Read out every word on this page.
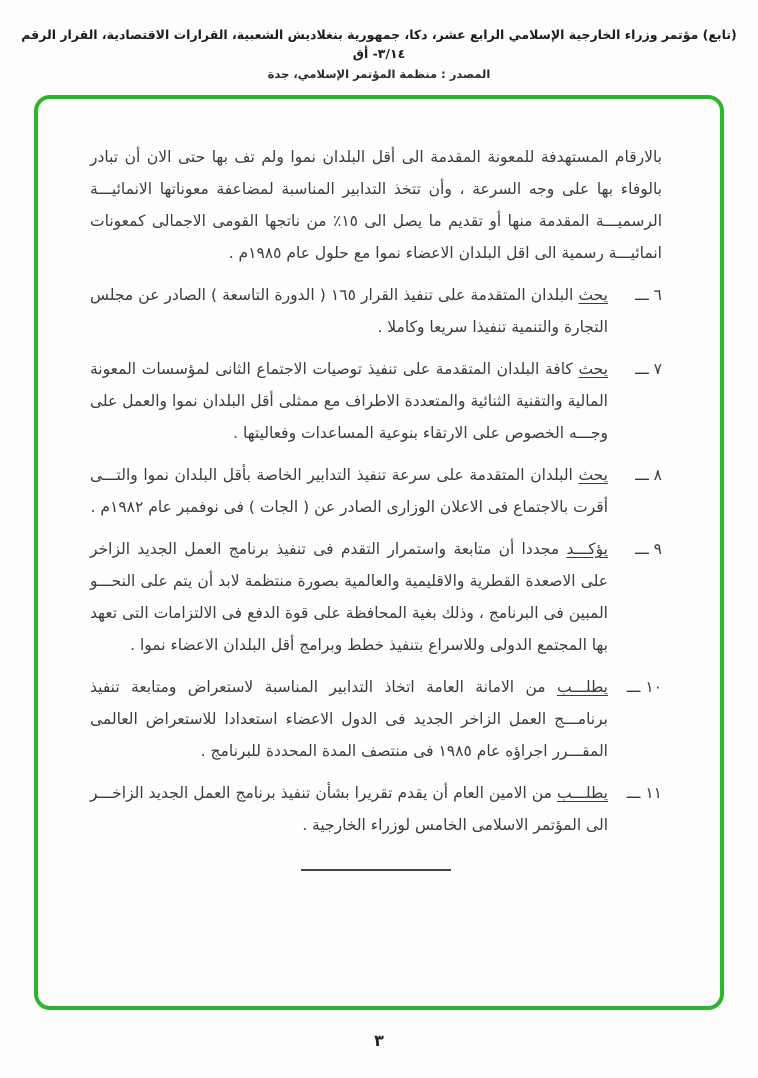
(تابع) مؤتمر وزراء الخارجية الإسلامي الرابع عشر، دكا، جمهورية بنغلاديش الشعبية، القرارات الاقتصادية، القرار الرقم ٣/١٤- أق
المصدر : منظمة المؤتمر الإسلامي، جدة

بالارقام المستهدفة للمعونة المقدمة الى أقل البلدان نموا ولم تف بها حتى الان أن تبادر بالوفاء بها على وجه السرعة ، وأن تتخذ التدابير المناسبة لمضاعفة معوناتها الانمائيـــة الرسميـــة المقدمة منها أو تقديم ما يصل الى ١٥٪ من ناتجها القومى الاجمالى كمعونات انمائيـــة رسمية الى اقل البلدان الاعضاء نموا مع حلول عام ١٩٨٥م .

٦ ـــ
يحث البلدان المتقدمة على تنفيذ القرار ١٦٥ ( الدورة التاسعة ) الصادر عن مجلس التجارة والتنمية تنفيذا سريعا وكاملا .
٧ ـــ
يحث كافة البلدان المتقدمة على تنفيذ توصيات الاجتماع الثانى لمؤسسات المعونة المالية والتقنية الثنائية والمتعددة الاطراف مع ممثلى أقل البلدان نموا والعمل على وجـــه الخصوص على الارتقاء بنوعية المساعدات وفعاليتها .
٨ ـــ
يحث البلدان المتقدمة على سرعة تنفيذ التدابير الخاصة بأقل البلدان نموا والتـــى أقرت بالاجتماع فى الاعلان الوزارى الصادر عن ( الجات ) فى نوفمبر عام ١٩٨٢م .
٩ ـــ
يؤكـــد مجددا أن متابعة واستمرار التقدم فى تنفيذ برنامج العمل الجديد الزاخر على الاصعدة القطرية والاقليمية والعالمية بصورة منتظمة لابد أن يتم على النحـــو المبين فى البرنامج ، وذلك بغية المحافظة على قوة الدفع فى الالتزامات التى تعهد بها المجتمع الدولى وللاسراع بتنفيذ خطط وبرامج أقل البلدان الاعضاء نموا .
١٠ ـــ
يطلـــب من الامانة العامة اتخاذ التدابير المناسبة لاستعراض ومتابعة تنفيذ برنامـــج العمل الزاخر الجديد فى الدول الاعضاء استعدادا للاستعراض العالمى المقـــرر اجراؤه عام ١٩٨٥ فى منتصف المدة المحددة للبرنامج .
١١ ـــ
يطلـــب من الامين العام أن يقدم تقريرا بشأن تنفيذ برنامج العمل الجديد الزاخـــر الى المؤتمر الاسلامى الخامس لوزراء الخارجية .
٣
